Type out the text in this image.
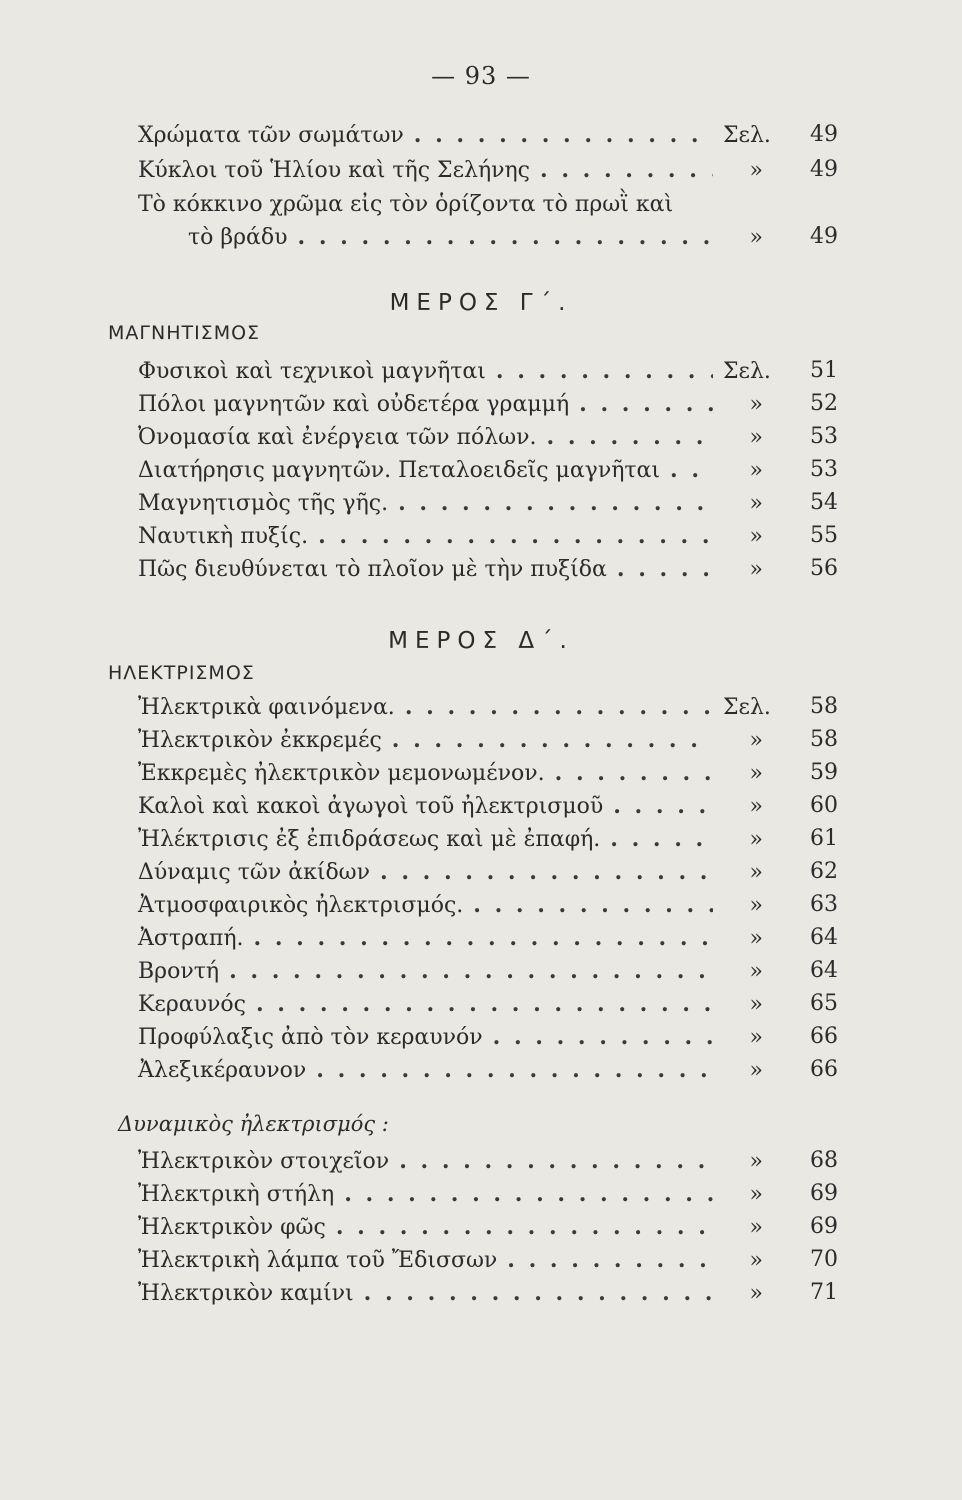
— 93 —
Χρώματα τῶν σωμάτων . . .	Σελ.	49
Κύκλοι τοῦ Ἡλίου καὶ τῆς Σελήνης . . .	»	49
Τὸ κόκκινο χρῶμα εἰς τὸν ὁρίζοντα τὸ πρωῒ καὶ
τὸ βράδυ . . .	»	49
ΜΕΡΟΣ Γ΄.
ΜΑΓΝΗΤΙΣΜΟΣ
Φυσικοὶ καὶ τεχνικοὶ μαγνῆται . . .	Σελ.	51
Πόλοι μαγνητῶν καὶ οὐδετέρα γραμμή . . .	»	52
Ὀνομασία καὶ ἐνέργεια τῶν πόλων. . . .	»	53
Διατήρησις μαγνητῶν. Πεταλοειδεῖς μαγνῆται . . .	»	53
Μαγνητισμὸς τῆς γῆς. . . .	»	54
Ναυτικὴ πυξίς. . . .	»	55
Πῶς διευθύνεται τὸ πλοῖον μὲ τὴν πυξίδα . . .	»	56
ΜΕΡΟΣ Δ΄.
ΗΛΕΚΤΡΙΣΜΟΣ
Ἠλεκτρικὰ φαινόμενα. . . .	Σελ.	58
Ἠλεκτρικὸν ἐκκρεμές . . .	»	58
Ἐκκρεμὲς ἠλεκτρικὸν μεμονωμένον. . . .	»	59
Καλοὶ καὶ κακοὶ ἀγωγοὶ τοῦ ἠλεκτρισμοῦ . . .	»	60
Ἠλέκτρισις ἐξ ἐπιδράσεως καὶ μὲ ἐπαφή. . . .	»	61
Δύναμις τῶν ἀκίδων . . .	»	62
Ἀτμοσφαιρικὸς ἠλεκτρισμός. . . .	»	63
Ἀστραπή. . . .	»	64
Βροντή . . .	»	64
Κεραυνός . . .	»	65
Προφύλαξις ἀπὸ τὸν κεραυνόν . . .	»	66
Ἀλεξικέραυνον . . .	»	66
Δυναμικὸς ἠλεκτρισμός :
Ἠλεκτρικὸν στοιχεῖον . . .	»	68
Ἠλεκτρικὴ στήλη . . .	»	69
Ἠλεκτρικὸν φῶς . . .	»	69
Ἠλεκτρικὴ λάμπα τοῦ Ἔδισσων . . .	»	70
Ἠλεκτρικὸν καμίνι . . .	»	71
